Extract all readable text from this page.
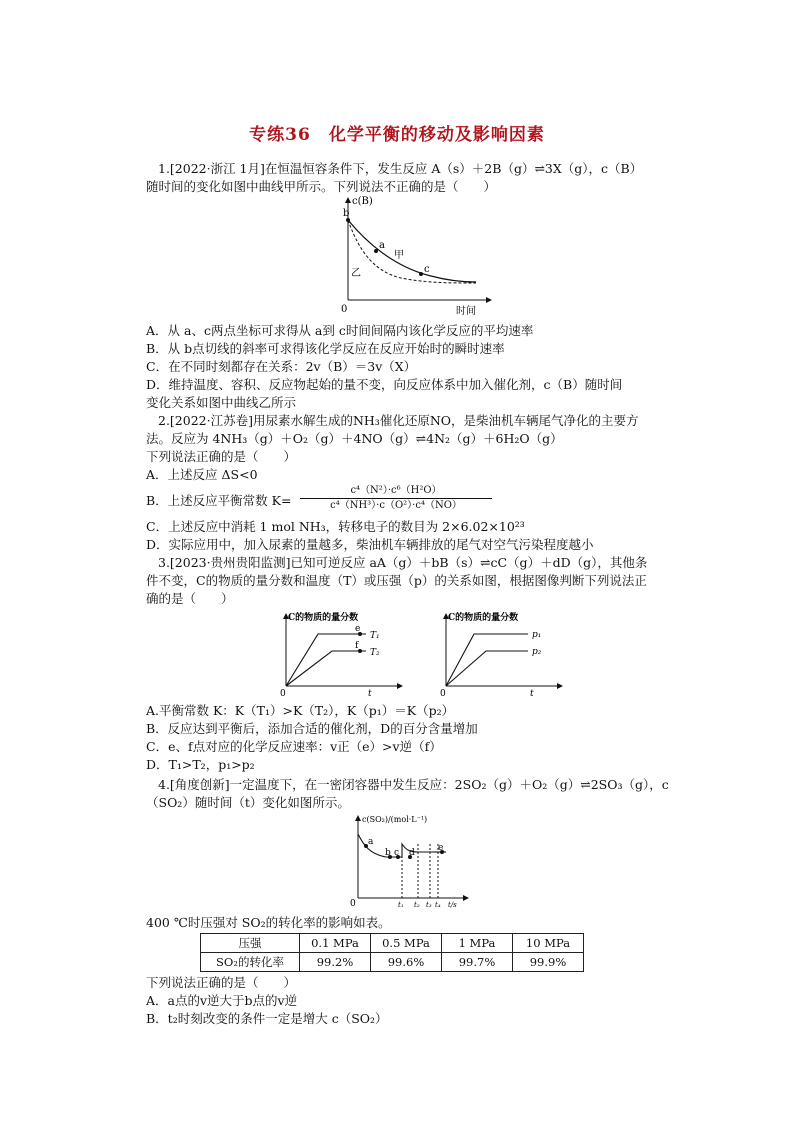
专练36　化学平衡的移动及影响因素
1.[2022·浙江 1月]在恒温恒容条件下，发生反应 A（s）＋2B（g）⇌3X（g），c（B）
随时间的变化如图中曲线甲所示。下列说法不正确的是（　　）
c(B)
b
a
c
甲
乙
0	时间
A．从 a、c两点坐标可求得从 a到 c时间间隔内该化学反应的平均速率
B．从 b点切线的斜率可求得该化学反应在反应开始时的瞬时速率
C．在不同时刻都存在关系：2v（B）＝3v（X）
D．维持温度、容积、反应物起始的量不变，向反应体系中加入催化剂，c（B）随时间
变化关系如图中曲线乙所示
2.[2022·江苏卷]用尿素水解生成的NH₃催化还原NO，是柴油机车辆尾气净化的主要方
法。反应为 4NH₃（g）＋O₂（g）＋4NO（g）⇌4N₂（g）＋6H₂O（g）
下列说法正确的是（　　）
A．上述反应 ΔS<0
B．上述反应平衡常数 K=
c⁴（N²）·c⁶（H²O）
c⁴（NH³）·c（O²）·c⁴（NO）
C．上述反应中消耗 1 mol NH₃，转移电子的数目为 2×6.02×10²³
D．实际应用中，加入尿素的量越多，柴油机车辆排放的尾气对空气污染程度越小
3.[2023·贵州贵阳监测]已知可逆反应 aA（g）＋bB（s）⇌cC（g）＋dD（g），其他条
件不变，C的物质的量分数和温度（T）或压强（p）的关系如图，根据图像判断下列说法正
确的是（　　）
C的物质的量分数
e
f
T₁
T₂
0	t
C的物质的量分数
p₁
p₂
0	t
A.平衡常数 K：K（T₁）>K（T₂），K（p₁）＝K（p₂）
B．反应达到平衡后，添加合适的催化剂，D的百分含量增加
C．e、f点对应的化学反应速率：v正（e）>v逆（f）
D．T₁>T₂，p₁>p₂
4.[角度创新]一定温度下，在一密闭容器中发生反应：2SO₂（g）＋O₂（g）⇌2SO₃（g），c
（SO₂）随时间（t）变化如图所示。
c(SO₂)/(mol·L⁻¹)
a
b c d	e
0	t₁ t₂ t₃ t₄ t/s
400 ℃时压强对 SO₂的转化率的影响如表。
压强	0.1 MPa	0.5 MPa	1 MPa	10 MPa
SO₂的转化率	99.2%	99.6%	99.7%	99.9%
下列说法正确的是（　　）
A．a点的v逆大于b点的v逆
B．t₂时刻改变的条件一定是增大 c（SO₂）
